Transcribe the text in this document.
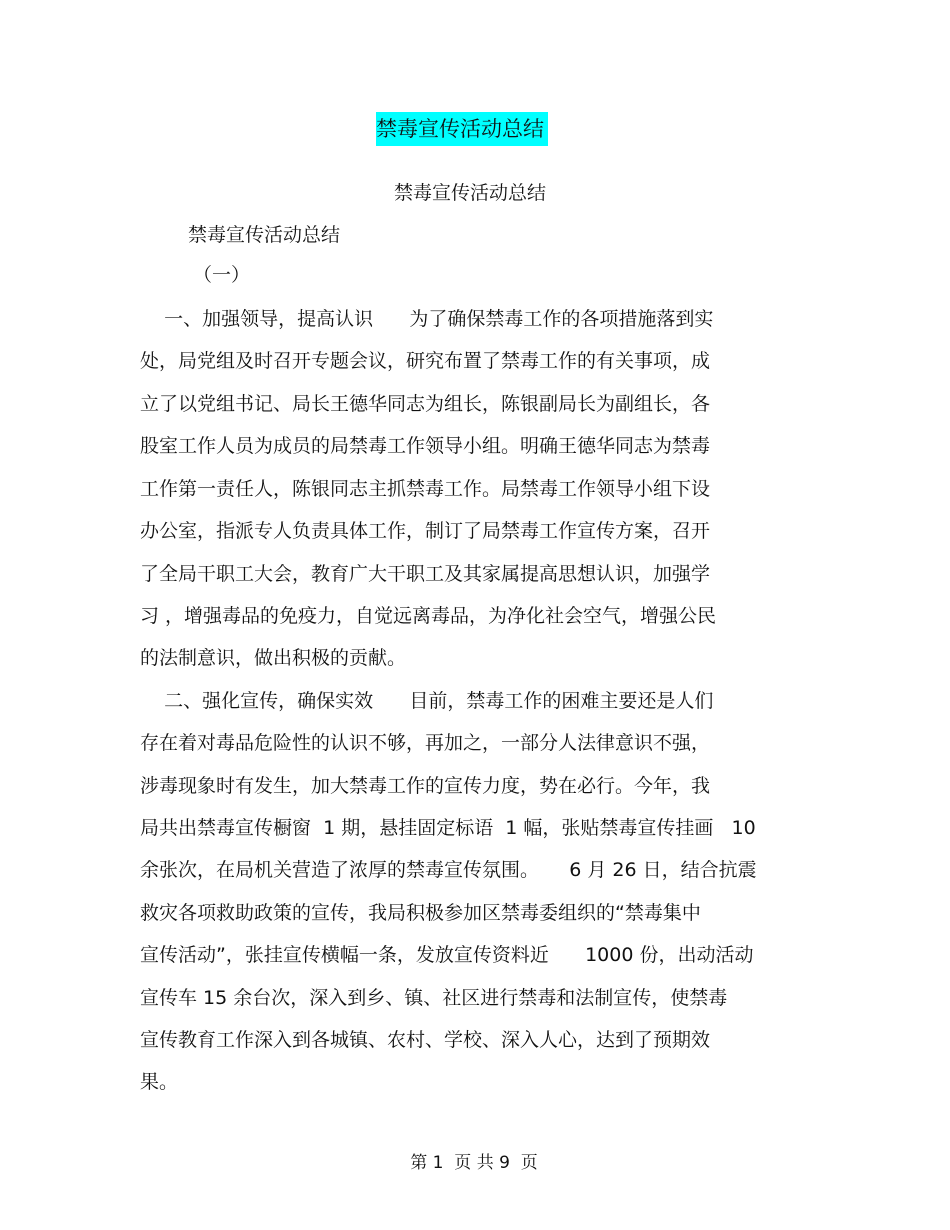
禁毒宣传活动总结
禁毒宣传活动总结
禁毒宣传活动总结
（一）
一、加强领导，提高认识      为了确保禁毒工作的各项措施落到实
处，局党组及时召开专题会议，研究布置了禁毒工作的有关事项，成
立了以党组书记、局长王德华同志为组长，陈银副局长为副组长，各
股室工作人员为成员的局禁毒工作领导小组。明确王德华同志为禁毒
工作第一责任人，陈银同志主抓禁毒工作。局禁毒工作领导小组下设
办公室，指派专人负责具体工作，制订了局禁毒工作宣传方案，召开
了全局干职工大会，教育广大干职工及其家属提高思想认识，加强学
习 ，增强毒品的免疫力，自觉远离毒品，为净化社会空气，增强公民
的法制意识，做出积极的贡献。
二、强化宣传，确保实效      目前，禁毒工作的困难主要还是人们
存在着对毒品危险性的认识不够，再加之，一部分人法律意识不强，
涉毒现象时有发生，加大禁毒工作的宣传力度，势在必行。今年，我
局共出禁毒宣传橱窗  1 期，悬挂固定标语  1 幅，张贴禁毒宣传挂画   10
余张次，在局机关营造了浓厚的禁毒宣传氛围。     6 月 26 日，结合抗震
救灾各项救助政策的宣传，我局积极参加区禁毒委组织的“禁毒集中
宣传活动”，张挂宣传横幅一条，发放宣传资料近      1000 份，出动活动
宣传车 15 余台次，深入到乡、镇、社区进行禁毒和法制宣传，使禁毒
宣传教育工作深入到各城镇、农村、学校、深入人心，达到了预期效
果。
第 1  页 共 9  页
